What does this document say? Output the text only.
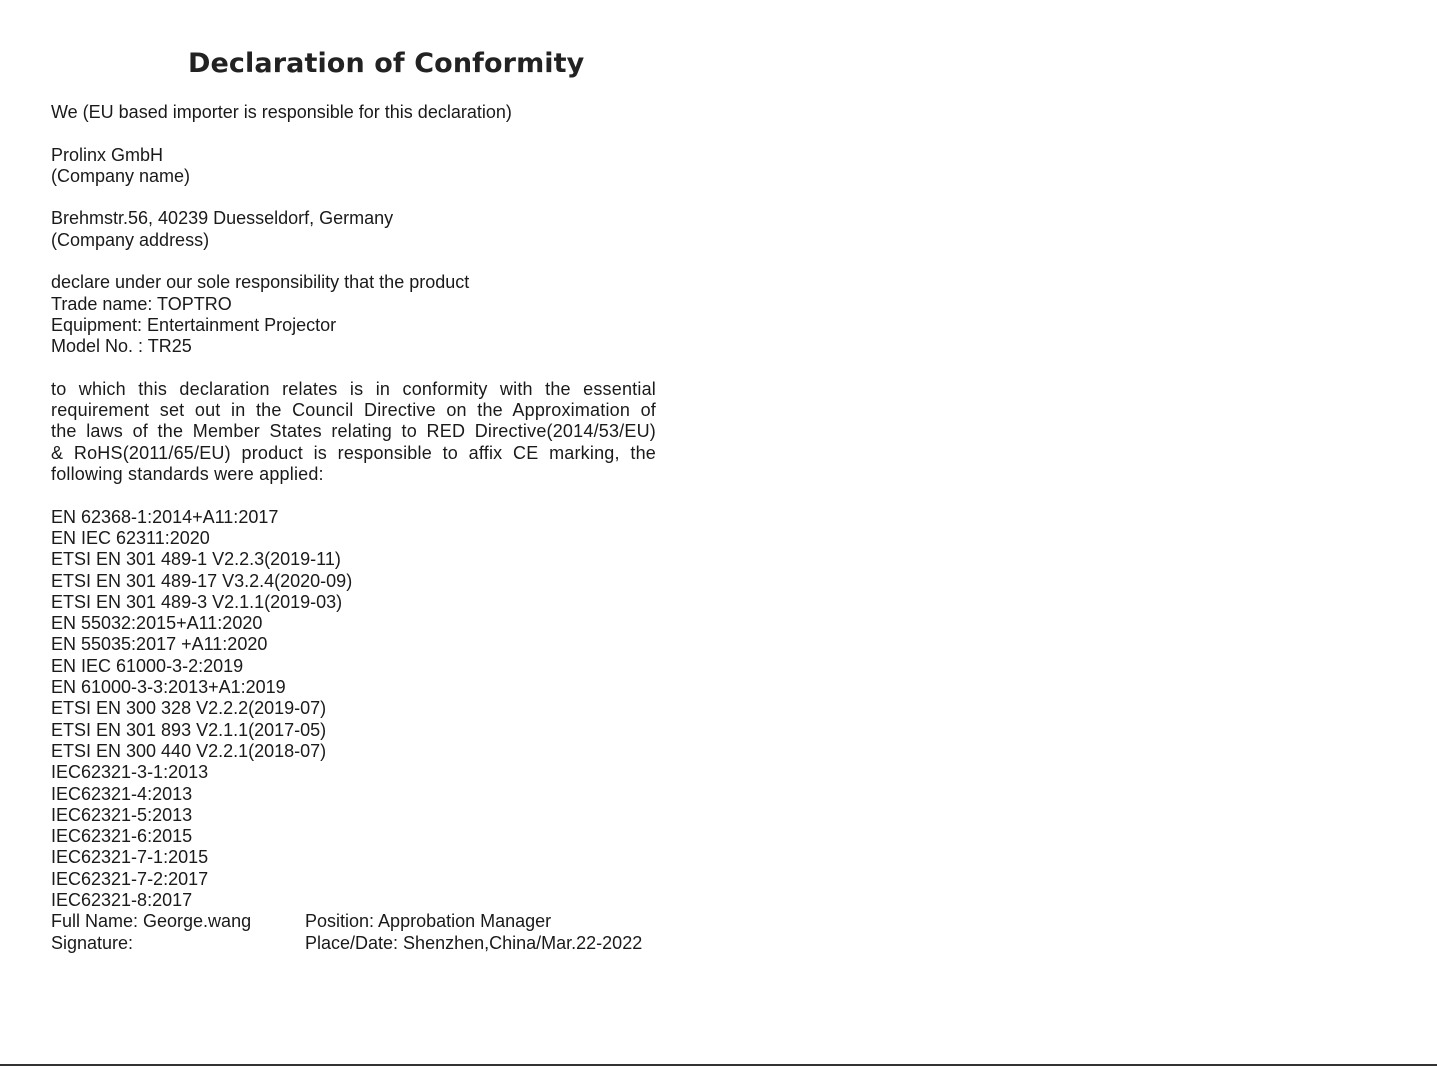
Declaration of Conformity
We (EU based importer is responsible for this declaration)
Prolinx GmbH
(Company name)
Brehmstr.56, 40239 Duesseldorf, Germany
(Company address)
declare under our sole responsibility that the product
Trade name: TOPTRO
Equipment: Entertainment Projector
Model No. : TR25
to which this declaration relates is in conformity with the essential
requirement set out in the Council Directive on the Approximation of
the laws of the Member States relating to RED Directive(2014/53/EU)
& RoHS(2011/65/EU) product is responsible to affix CE marking, the
following standards were applied:
EN 62368-1:2014+A11:2017
EN IEC 62311:2020
ETSI EN 301 489-1 V2.2.3(2019-11)
ETSI EN 301 489-17 V3.2.4(2020-09)
ETSI EN 301 489-3 V2.1.1(2019-03)
EN 55032:2015+A11:2020
EN 55035:2017 +A11:2020
EN IEC 61000-3-2:2019
EN 61000-3-3:2013+A1:2019
ETSI EN 300 328 V2.2.2(2019-07)
ETSI EN 301 893 V2.1.1(2017-05)
ETSI EN 300 440 V2.2.1(2018-07)
IEC62321-3-1:2013
IEC62321-4:2013
IEC62321-5:2013
IEC62321-6:2015
IEC62321-7-1:2015
IEC62321-7-2:2017
IEC62321-8:2017
Full Name: George.wang	Position: Approbation Manager
Signature:	Place/Date: Shenzhen,China/Mar.22-2022
